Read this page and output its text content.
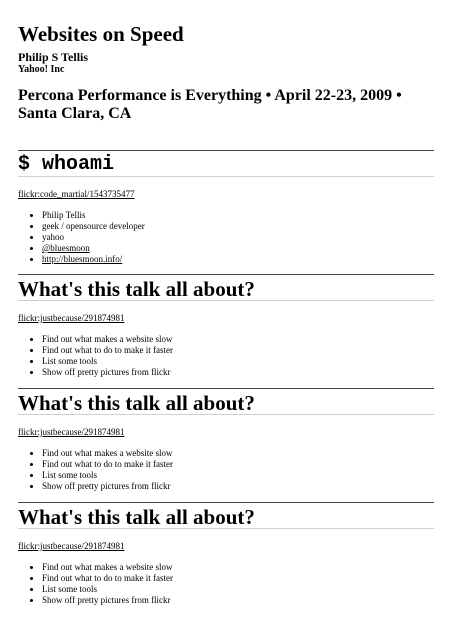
Websites on Speed
Philip S Tellis
Yahoo! Inc
Percona Performance is Everything • April 22-23, 2009 • Santa Clara, CA
$ whoami
flickr:code_martial/1543735477
• Philip Tellis
• geek / opensource developer
• yahoo
• @bluesmoon
• http://bluesmoon.info/
What's this talk all about?
flickr:justbecause/291874981
• Find out what makes a website slow
• Find out what to do to make it faster
• List some tools
• Show off pretty pictures from flickr
What's this talk all about?
flickr:justbecause/291874981
• Find out what makes a website slow
• Find out what to do to make it faster
• List some tools
• Show off pretty pictures from flickr
What's this talk all about?
flickr:justbecause/291874981
• Find out what makes a website slow
• Find out what to do to make it faster
• List some tools
• Show off pretty pictures from flickr
